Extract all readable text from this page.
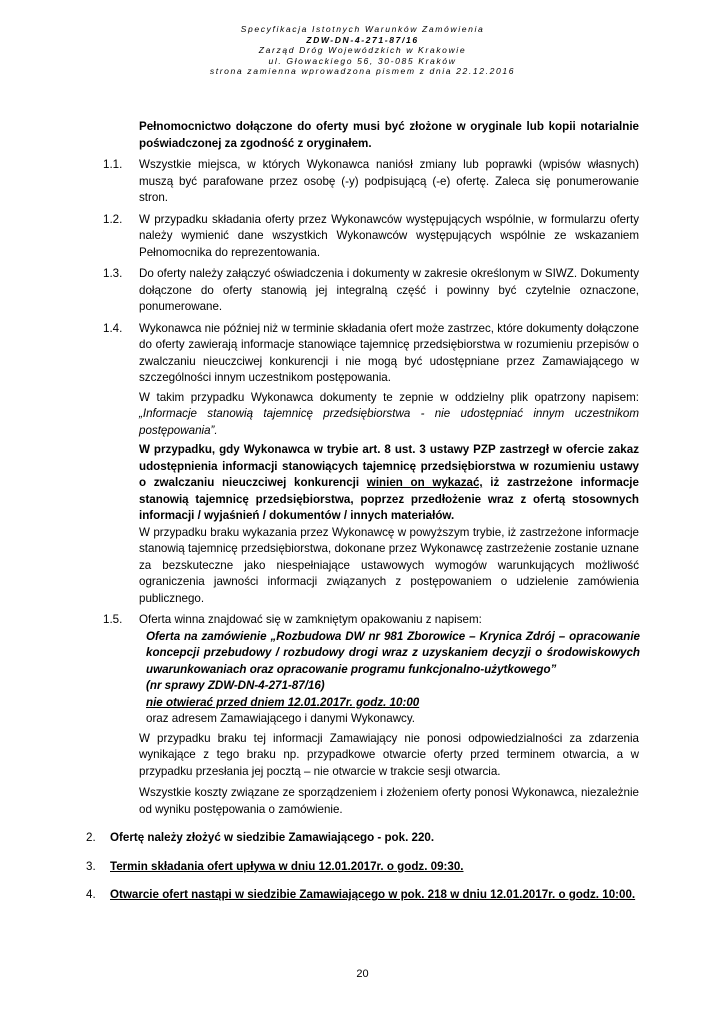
Specyfikacja Istotnych Warunków Zamówienia
ZDW-DN-4-271-87/16
Zarząd Dróg Wojewódzkich w Krakowie
ul. Głowackiego 56, 30-085 Kraków
strona zamienna wprowadzona pismem z dnia 22.12.2016
Pełnomocnictwo dołączone do oferty musi być złożone w oryginale lub kopii notarialnie poświadczonej za zgodność z oryginałem.
1.1. Wszystkie miejsca, w których Wykonawca naniósł zmiany lub poprawki (wpisów własnych) muszą być parafowane przez osobę (-y) podpisującą (-e) ofertę. Zaleca się ponumerowanie stron.
1.2. W przypadku składania oferty przez Wykonawców występujących wspólnie, w formularzu oferty należy wymienić dane wszystkich Wykonawców występujących wspólnie ze wskazaniem Pełnomocnika do reprezentowania.
1.3. Do oferty należy załączyć oświadczenia i dokumenty w zakresie określonym w SIWZ. Dokumenty dołączone do oferty stanowią jej integralną część i powinny być czytelnie oznaczone, ponumerowane.
1.4. Wykonawca nie później niż w terminie składania ofert może zastrzec, które dokumenty dołączone do oferty zawierają informacje stanowiące tajemnicę przedsiębiorstwa w rozumieniu przepisów o zwalczaniu nieuczciwej konkurencji i nie mogą być udostępniane przez Zamawiającego w szczególności innym uczestnikom postępowania.
W takim przypadku Wykonawca dokumenty te zepnie w oddzielny plik opatrzony napisem: „Informacje stanowią tajemnicę przedsiębiorstwa - nie udostępniać innym uczestnikom postępowania”.
W przypadku, gdy Wykonawca w trybie art. 8 ust. 3 ustawy PZP zastrzegł w ofercie zakaz udostępnienia informacji stanowiących tajemnicę przedsiębiorstwa w rozumieniu ustawy o zwalczaniu nieuczciwej konkurencji winien on wykazać, iż zastrzeżone informacje stanowią tajemnicę przedsiębiorstwa, poprzez przedłożenie wraz z ofertą stosownych informacji / wyjaśnień / dokumentów / innych materiałów.
W przypadku braku wykazania przez Wykonawcę w powyższym trybie, iż zastrzeżone informacje stanowią tajemnicę przedsiębiorstwa, dokonane przez Wykonawcę zastrzeżenie zostanie uznane za bezskuteczne jako niespełniające ustawowych wymogów warunkujących możliwość ograniczenia jawności informacji związanych z postępowaniem o udzielenie zamówienia publicznego.
1.5. Oferta winna znajdować się w zamkniętym opakowaniu z napisem:
Oferta na zamówienie „Rozbudowa DW nr 981 Zborowice – Krynica Zdrój – opracowanie koncepcji przebudowy / rozbudowy drogi wraz z uzyskaniem decyzji o środowiskowych uwarunkowaniach oraz opracowanie programu funkcjonalno-użytkowego”
(nr sprawy ZDW-DN-4-271-87/16)
nie otwierać przed dniem 12.01.2017r. godz. 10:00
oraz adresem Zamawiającego i danymi Wykonawcy.
W przypadku braku tej informacji Zamawiający nie ponosi odpowiedzialności za zdarzenia wynikające z tego braku np. przypadkowe otwarcie oferty przed terminem otwarcia, a w przypadku przesłania jej pocztą – nie otwarcie w trakcie sesji otwarcia.
Wszystkie koszty związane ze sporządzeniem i złożeniem oferty ponosi Wykonawca, niezależnie od wyniku postępowania o zamówienie.
2. Ofertę należy złożyć w siedzibie Zamawiającego - pok. 220.
3. Termin składania ofert upływa w dniu 12.01.2017r. o godz. 09:30.
4. Otwarcie ofert nastąpi w siedzibie Zamawiającego w pok. 218 w dniu 12.01.2017r. o godz. 10:00.
20
